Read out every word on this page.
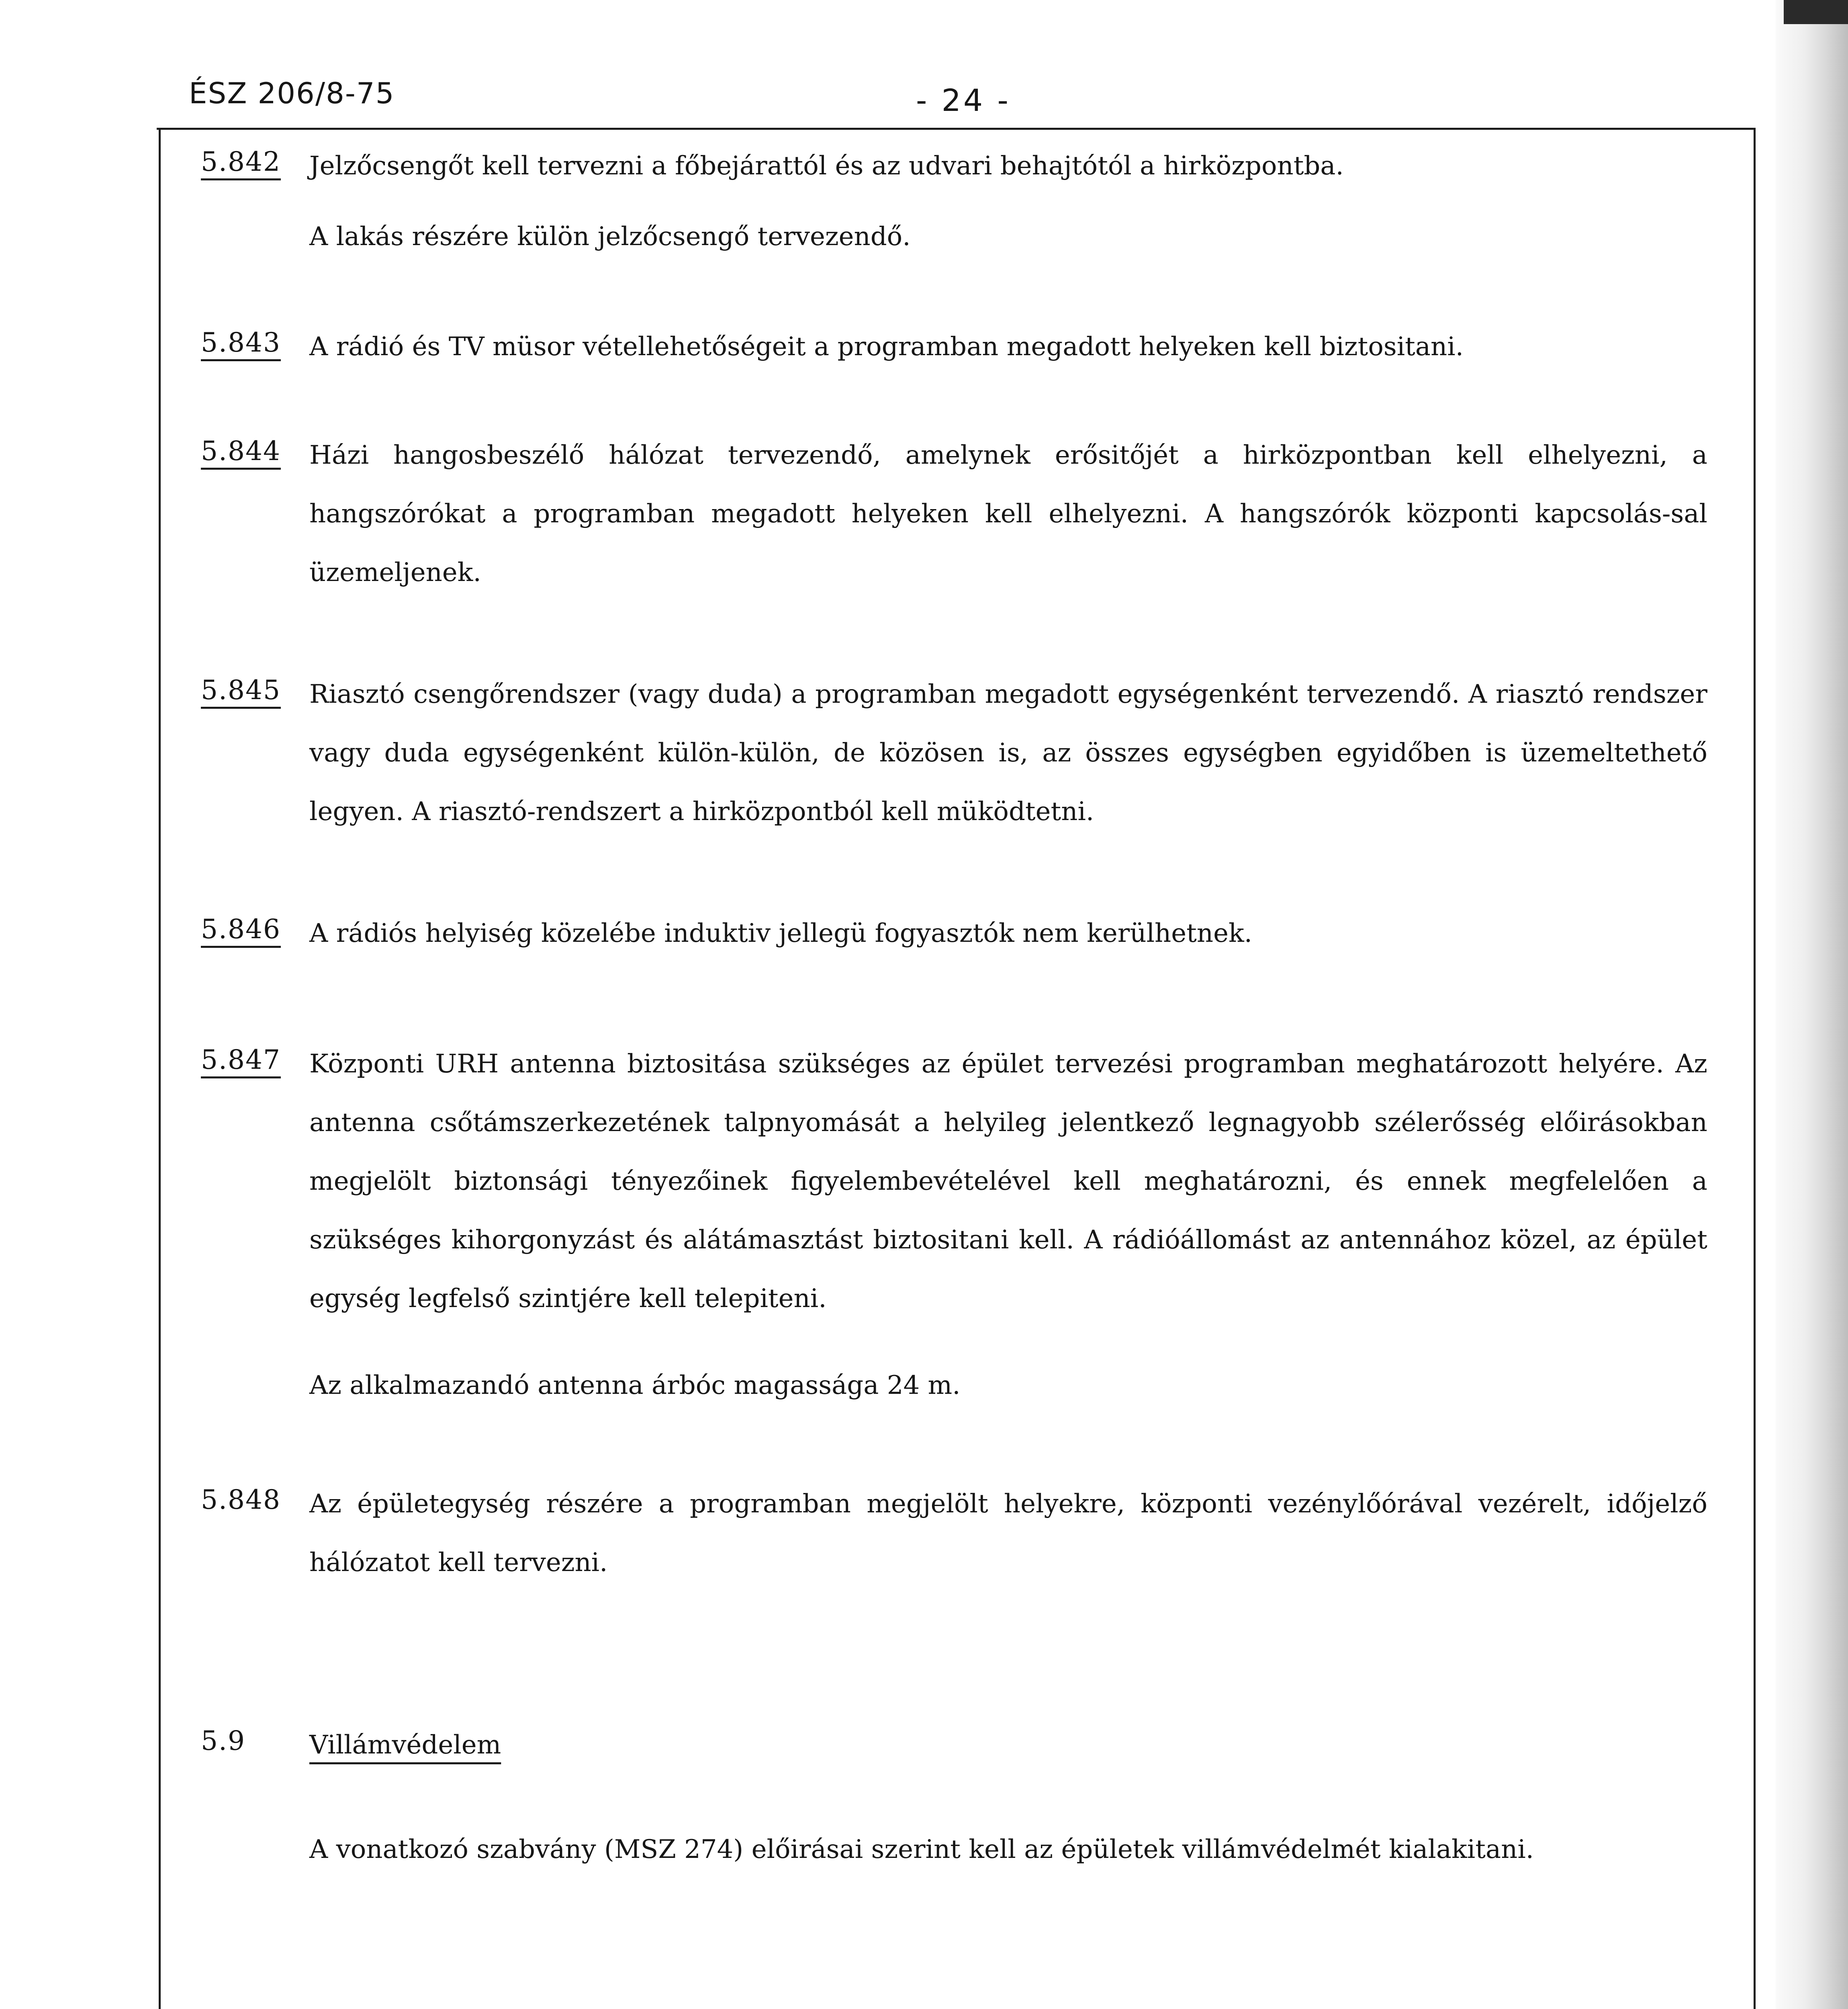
ÉSZ 206/8-75	- 24 -
5.842 Jelzőcsengőt kell tervezni a főbejárattól és az udvari behajtótól a hirközpontba.

A lakás részére külön jelzőcsengő tervezendő.

5.843 A rádió és TV müsor vétellehetőségeit a programban megadott helyeken kell biztositani.

5.844 Házi hangosbeszélő hálózat tervezendő, amelynek erősitőjét a hirközpontban kell elhelyezni, a hangszórókat a programban megadott helyeken kell elhelyezni. A hangszórók központi kapcsolás-sal üzemeljenek.

5.845 Riasztó csengőrendszer (vagy duda) a programban megadott egységenként tervezendő. A riasztó rendszer vagy duda egységenként külön-külön, de közösen is, az összes egységben egyidőben is üzemeltethető legyen. A riasztó-rendszert a hirközpontból kell müködtetni.

5.846 A rádiós helyiség közelébe induktiv jellegü fogyasztók nem kerülhetnek.

5.847 Központi URH antenna biztositása szükséges az épület tervezési programban meghatározott helyére. Az antenna csőtámszerkezetének talpnyomását a helyileg jelentkező legnagyobb szélerősség előirásokban megjelölt biztonsági tényezőinek figyelembevételével kell meghatározni, és ennek megfelelően a szükséges kihorgonyzást és alátámasztást biztositani kell. A rádióállomást az antennához közel, az épület egység legfelső szintjére kell telepiteni.

Az alkalmazandó antenna árbóc magassága 24 m.

5.848 Az épületegység részére a programban megjelölt helyekre, központi vezénylőórával vezérelt, időjelző hálózatot kell tervezni.

5.9 Villámvédelem

A vonatkozó szabvány (MSZ 274) előirásai szerint kell az épületek villámvédelmét kialakitani.
